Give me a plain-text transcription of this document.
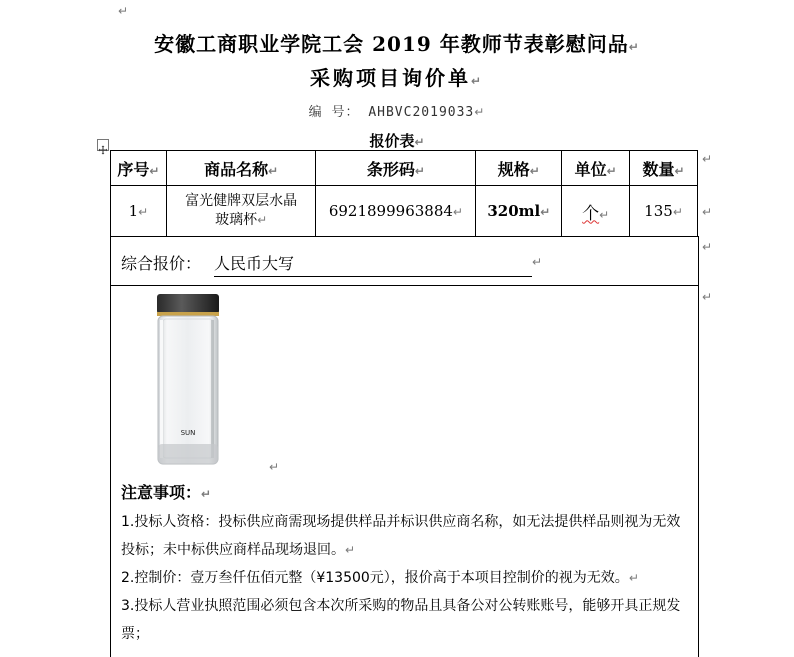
↵
安徽工商职业学院工会 2019 年教师节表彰慰问品↵
采购项目询价单↵
编 号： AHBVC2019033↵
报价表↵
序号↵	商品名称↵	条形码↵	规格↵	单位↵	数量↵
1↵	富光健牌双层水晶玻璃杯↵	6921899963884↵	320ml↵	个↵	135↵
↵
↵
↵
↵
综合报价： 人民币大写	↵
SUN
↵
注意事项：↵
1.投标人资格：投标供应商需现场提供样品并标识供应商名称，如无法提供样品则视为无效投标；未中标供应商样品现场退回。↵
2.控制价：壹万叁仟伍佰元整（¥13500元），报价高于本项目控制价的视为无效。↵
3.投标人营业执照范围必须包含本次所采购的物品且具备公对公转账账号，能够开具正规发票；
